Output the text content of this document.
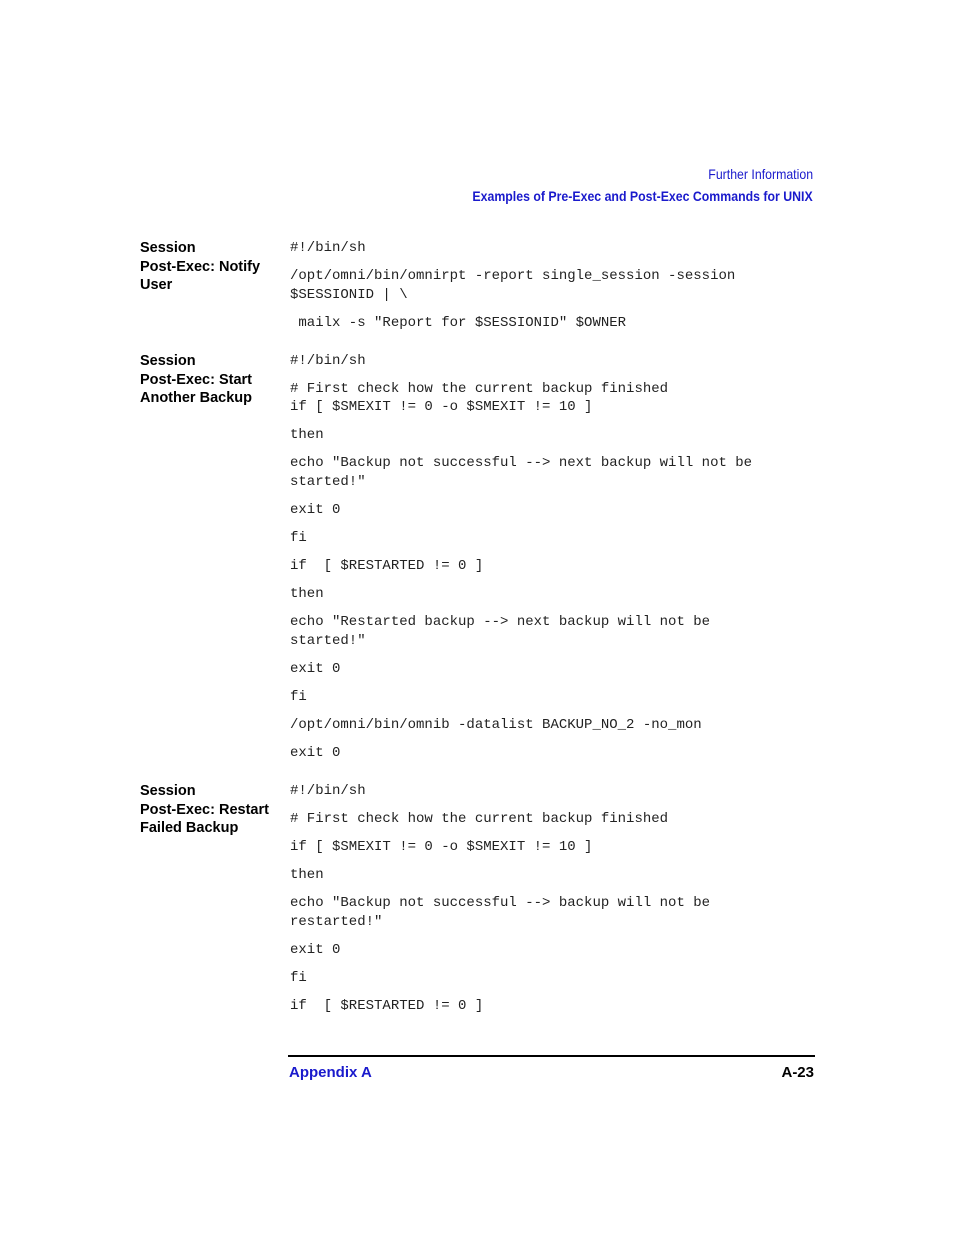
Further Information
Examples of Pre-Exec and Post-Exec Commands for UNIX
Session
Post-Exec: Notify
User
#!/bin/sh
/opt/omni/bin/omnirpt -report single_session -session
$SESSIONID | \
mailx -s "Report for $SESSIONID" $OWNER
Session
Post-Exec: Start
Another Backup
#!/bin/sh
# First check how the current backup finished
if [ $SMEXIT != 0 -o $SMEXIT != 10 ]
then
echo "Backup not successful --> next backup will not be
started!"
exit 0
fi
if  [ $RESTARTED != 0 ]
then
echo "Restarted backup --> next backup will not be
started!"
exit 0
fi
/opt/omni/bin/omnib -datalist BACKUP_NO_2 -no_mon
exit 0
Session
Post-Exec: Restart
Failed Backup
#!/bin/sh
# First check how the current backup finished
if [ $SMEXIT != 0 -o $SMEXIT != 10 ]
then
echo "Backup not successful --> backup will not be
restarted!"
exit 0
fi
if  [ $RESTARTED != 0 ]
Appendix A	A-23
